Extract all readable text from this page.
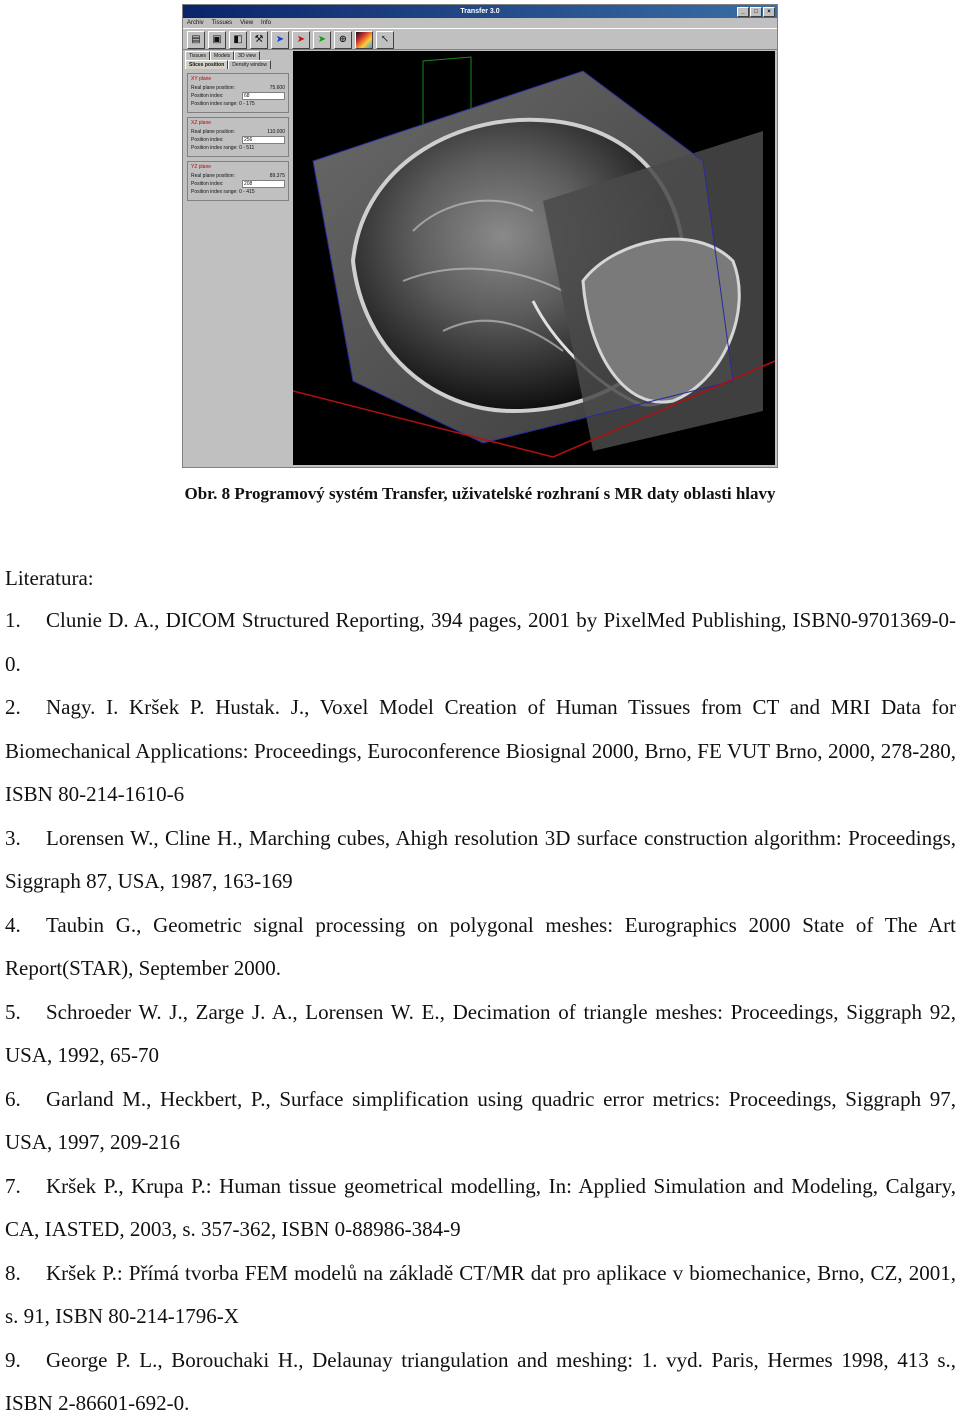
Transfer 3.0	_	□	×
Archiv Tissues View Info
▤	▣	◧	⚒	➤	➤	➤	⊕	↖
Tissues	Models	3D view
Slices position	Density window
XY plane
Real plane position:	75.600
Position index:	68
Position index range: 0 - 175
XZ plane
Real plane position:	110.000
Position index:	256
Position index range: 0 - 511
YZ plane
Real plane position:	89.375
Position index:	208
Position index range: 0 - 415
Obr. 8 Programový systém Transfer, uživatelské rozhraní s MR daty oblasti hlavy
Literatura:

1. Clunie D. A., DICOM Structured Reporting, 394 pages, 2001 by PixelMed Publishing, ISBN0-9701369-0-0.

2. Nagy. I. Kršek P. Hustak. J., Voxel Model Creation of Human Tissues from CT and MRI Data for Biomechanical Applications: Proceedings, Euroconference Biosignal 2000, Brno, FE VUT Brno, 2000, 278-280, ISBN 80-214-1610-6

3. Lorensen W., Cline H., Marching cubes, Ahigh resolution 3D surface construction algorithm: Proceedings, Siggraph 87, USA, 1987, 163-169

4. Taubin G., Geometric signal processing on polygonal meshes: Eurographics 2000 State of The Art Report(STAR), September 2000.

5. Schroeder W. J., Zarge J. A., Lorensen W. E., Decimation of triangle meshes: Proceedings, Siggraph 92, USA, 1992, 65-70

6. Garland M., Heckbert, P., Surface simplification using quadric error metrics: Proceedings, Siggraph 97, USA, 1997, 209-216

7. Kršek P., Krupa P.: Human tissue geometrical modelling, In: Applied Simulation and Modeling, Calgary, CA, IASTED, 2003, s. 357-362, ISBN 0-88986-384-9

8. Kršek P.: Přímá tvorba FEM modelů na základě CT/MR dat pro aplikace v biomechanice, Brno, CZ, 2001, s. 91, ISBN 80-214-1796-X

9. George P. L., Borouchaki H., Delaunay triangulation and meshing: 1. vyd. Paris, Hermes 1998, 413 s., ISBN 2-86601-692-0.
